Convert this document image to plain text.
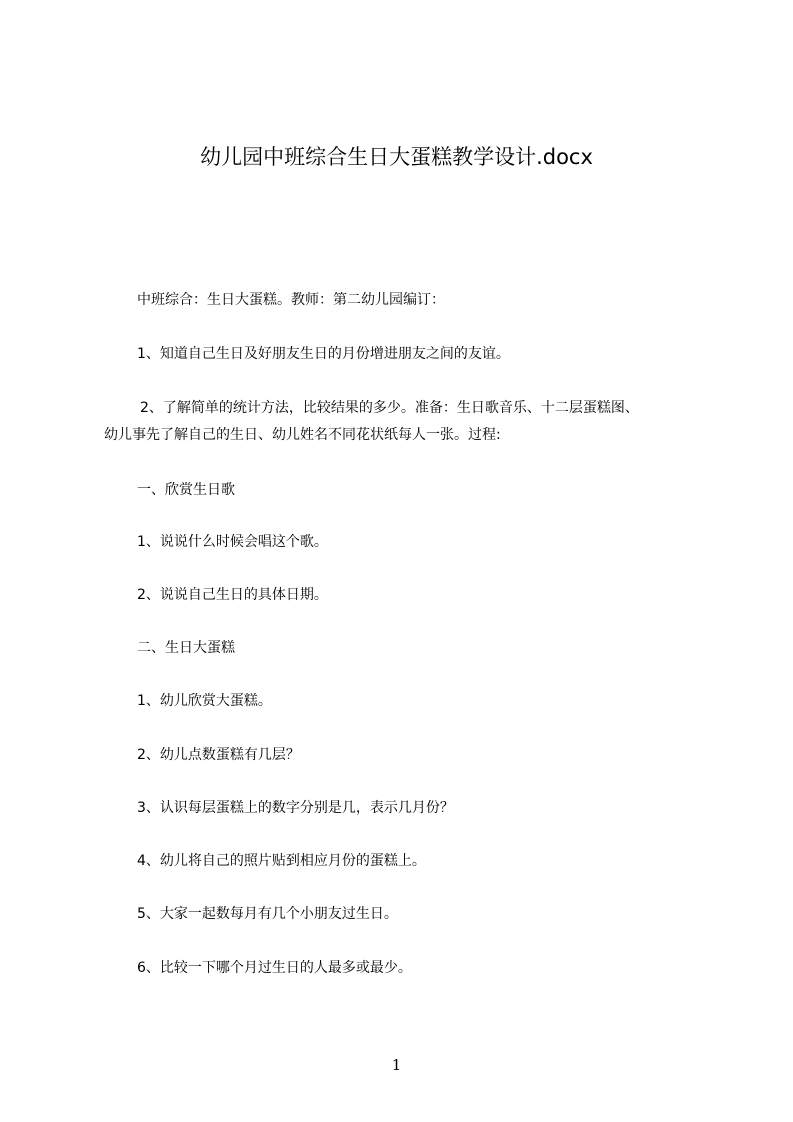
幼儿园中班综合生日大蛋糕教学设计.docx
中班综合：生日大蛋糕。教师：第二幼儿园编订：
1、知道自己生日及好朋友生日的月份增进朋友之间的友谊。
2、了解简单的统计方法，比较结果的多少。准备：生日歌音乐、十二层蛋糕图、
幼儿事先了解自己的生日、幼儿姓名不同花状纸每人一张。过程:
一、欣赏生日歌
1、说说什么时候会唱这个歌。
2、说说自己生日的具体日期。
二、生日大蛋糕
1、幼儿欣赏大蛋糕。
2、幼儿点数蛋糕有几层？
3、认识每层蛋糕上的数字分别是几，表示几月份？
4、幼儿将自己的照片贴到相应月份的蛋糕上。
5、大家一起数每月有几个小朋友过生日。
6、比较一下哪个月过生日的人最多或最少。
1
